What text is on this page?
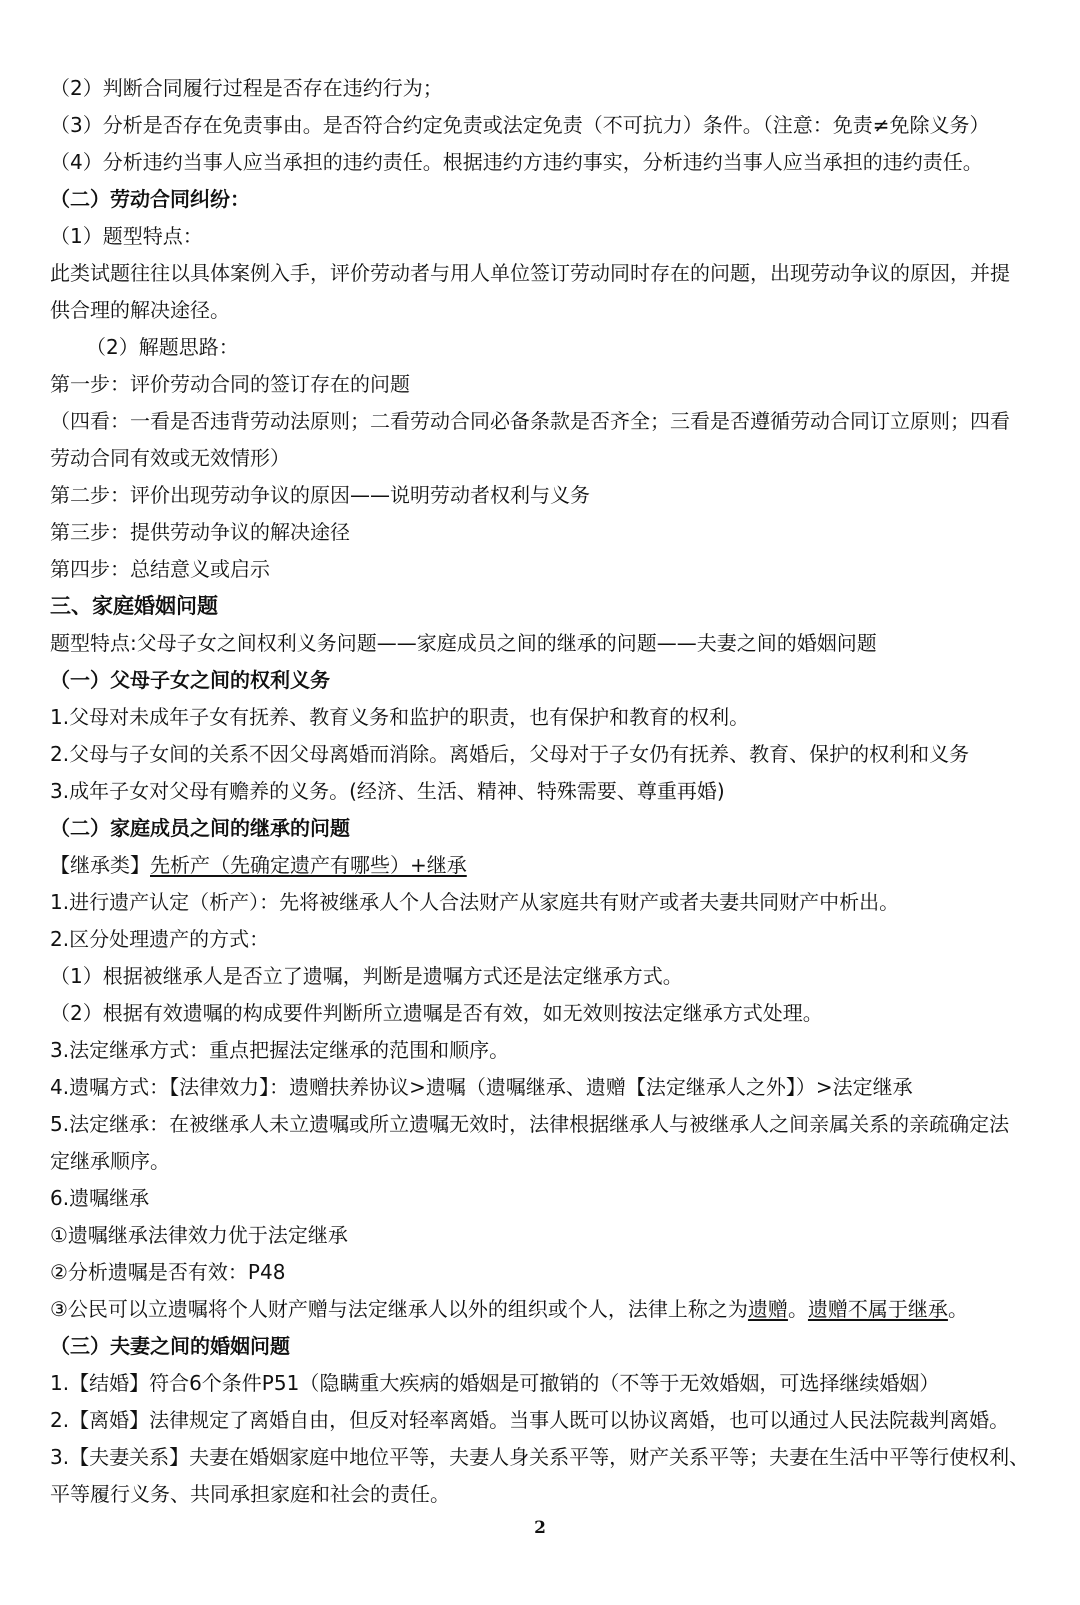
（2）判断合同履行过程是否存在违约行为；
（3）分析是否存在免责事由。是否符合约定免责或法定免责（不可抗力）条件。（注意：免责≠免除义务）
（4）分析违约当事人应当承担的违约责任。根据违约方违约事实，分析违约当事人应当承担的违约责任。
（二）劳动合同纠纷：
（1）题型特点：
此类试题往往以具体案例入手，评价劳动者与用人单位签订劳动同时存在的问题，出现劳动争议的原因，并提
供合理的解决途径。
（2）解题思路：
第一步：评价劳动合同的签订存在的问题
（四看：一看是否违背劳动法原则；二看劳动合同必备条款是否齐全；三看是否遵循劳动合同订立原则；四看
劳动合同有效或无效情形）
第二步：评价出现劳动争议的原因——说明劳动者权利与义务
第三步：提供劳动争议的解决途径
第四步：总结意义或启示
三、家庭婚姻问题
题型特点:父母子女之间权利义务问题——家庭成员之间的继承的问题——夫妻之间的婚姻问题
（一）父母子女之间的权利义务
1.父母对未成年子女有抚养、教育义务和监护的职责，也有保护和教育的权利。
2.父母与子女间的关系不因父母离婚而消除。离婚后，父母对于子女仍有抚养、教育、保护的权利和义务
3.成年子女对父母有赡养的义务。(经济、生活、精神、特殊需要、尊重再婚)
（二）家庭成员之间的继承的问题
【继承类】先析产（先确定遗产有哪些）+继承
1.进行遗产认定（析产）：先将被继承人个人合法财产从家庭共有财产或者夫妻共同财产中析出。
2.区分处理遗产的方式：
（1）根据被继承人是否立了遗嘱，判断是遗嘱方式还是法定继承方式。
（2）根据有效遗嘱的构成要件判断所立遗嘱是否有效，如无效则按法定继承方式处理。
3.法定继承方式：重点把握法定继承的范围和顺序。
4.遗嘱方式：【法律效力】：遗赠扶养协议>遗嘱（遗嘱继承、遗赠【法定继承人之外】）>法定继承
5.法定继承：在被继承人未立遗嘱或所立遗嘱无效时，法律根据继承人与被继承人之间亲属关系的亲疏确定法
定继承顺序。
6.遗嘱继承
①遗嘱继承法律效力优于法定继承
②分析遗嘱是否有效：P48
③公民可以立遗嘱将个人财产赠与法定继承人以外的组织或个人，法律上称之为遗赠。遗赠不属于继承。
（三）夫妻之间的婚姻问题
1.【结婚】符合6个条件P51（隐瞒重大疾病的婚姻是可撤销的（不等于无效婚姻，可选择继续婚姻）
2.【离婚】法律规定了离婚自由，但反对轻率离婚。当事人既可以协议离婚，也可以通过人民法院裁判离婚。
3.【夫妻关系】夫妻在婚姻家庭中地位平等，夫妻人身关系平等，财产关系平等；夫妻在生活中平等行使权利、
平等履行义务、共同承担家庭和社会的责任。
2
